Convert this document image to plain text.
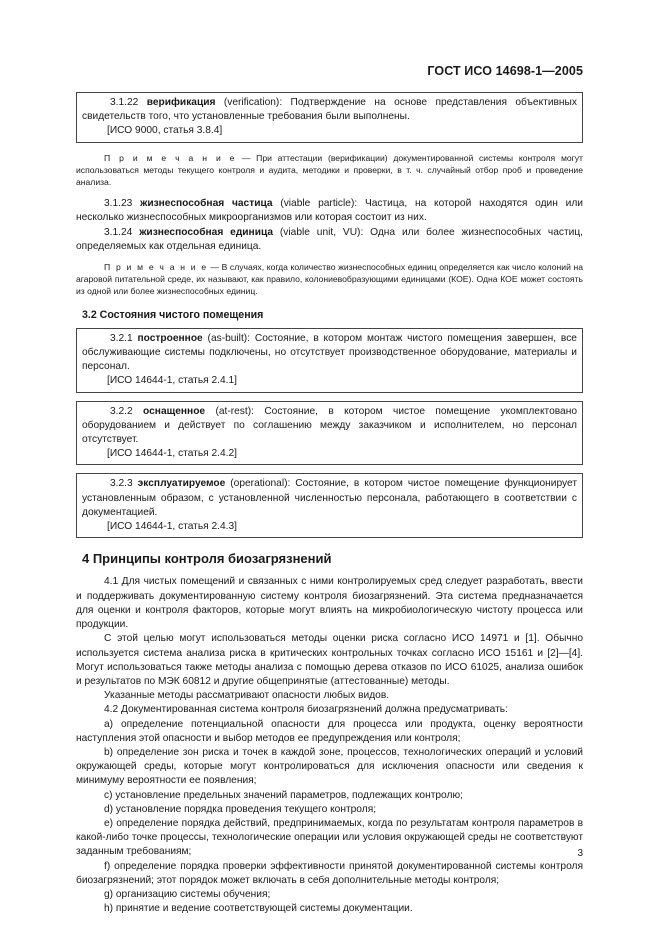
ГОСТ ИСО 14698-1—2005

3.1.22 верификация (verification): Подтверждение на основе представления объективных свидетельств того, что установленные требования были выполнены.

[ИСО 9000, статья 3.8.4]

П р и м е ч а н и е — При аттестации (верификации) документированной системы контроля могут использоваться методы текущего контроля и аудита, методики и проверки, в т. ч. случайный отбор проб и проведение анализа.

3.1.23 жизнеспособная частица (viable particle): Частица, на которой находятся один или несколько жизнеспособных микроорганизмов или которая состоит из них.

3.1.24 жизнеспособная единица (viable unit, VU): Одна или более жизнеспособных частиц, определяемых как отдельная единица.

П р и м е ч а н и е — В случаях, когда количество жизнеспособных единиц определяется как число колоний на агаровой питательной среде, их называют, как правило, колониевобразующими единицами (КОЕ). Одна КОЕ может состоять из одной или более жизнеспособных единиц.

3.2 Состояния чистого помещения

3.2.1 построенное (as-built): Состояние, в котором монтаж чистого помещения завершен, все обслуживающие системы подключены, но отсутствует производственное оборудование, материалы и персонал.

[ИСО 14644-1, статья 2.4.1]

3.2.2 оснащенное (at-rest): Состояние, в котором чистое помещение укомплектовано оборудованием и действует по соглашению между заказчиком и исполнителем, но персонал отсутствует.

[ИСО 14644-1, статья 2.4.2]

3.2.3 эксплуатируемое (operational): Состояние, в котором чистое помещение функционирует установленным образом, с установленной численностью персонала, работающего в соответствии с документацией.

[ИСО 14644-1, статья 2.4.3]

4 Принципы контроля биозагрязнений

4.1 Для чистых помещений и связанных с ними контролируемых сред следует разработать, ввести и поддерживать документированную систему контроля биозагрязнений. Эта система предназначается для оценки и контроля факторов, которые могут влиять на микробиологическую чистоту процесса или продукции.

С этой целью могут использоваться методы оценки риска согласно ИСО 14971 и [1]. Обычно используется система анализа риска в критических контрольных точках согласно ИСО 15161 и [2]—[4]. Могут использоваться также методы анализа с помощью дерева отказов по ИСО 61025, анализа ошибок и результатов по МЭК 60812 и другие общепринятые (аттестованные) методы.

Указанные методы рассматривают опасности любых видов.

4.2 Документированная система контроля биозагрязнений должна предусматривать:

a) определение потенциальной опасности для процесса или продукта, оценку вероятности наступления этой опасности и выбор методов ее предупреждения или контроля;

b) определение зон риска и точек в каждой зоне, процессов, технологических операций и условий окружающей среды, которые могут контролироваться для исключения опасности или сведения к минимуму вероятности ее появления;

c) установление предельных значений параметров, подлежащих контролю;

d) установление порядка проведения текущего контроля;

e) определение порядка действий, предпринимаемых, когда по результатам контроля параметров в какой-либо точке процессы, технологические операции или условия окружающей среды не соответствуют заданным требованиям;

f) определение порядка проверки эффективности принятой документированной системы контроля биозагрязнений; этот порядок может включать в себя дополнительные методы контроля;

g) организацию системы обучения;

h) принятие и ведение соответствующей системы документации.

3
